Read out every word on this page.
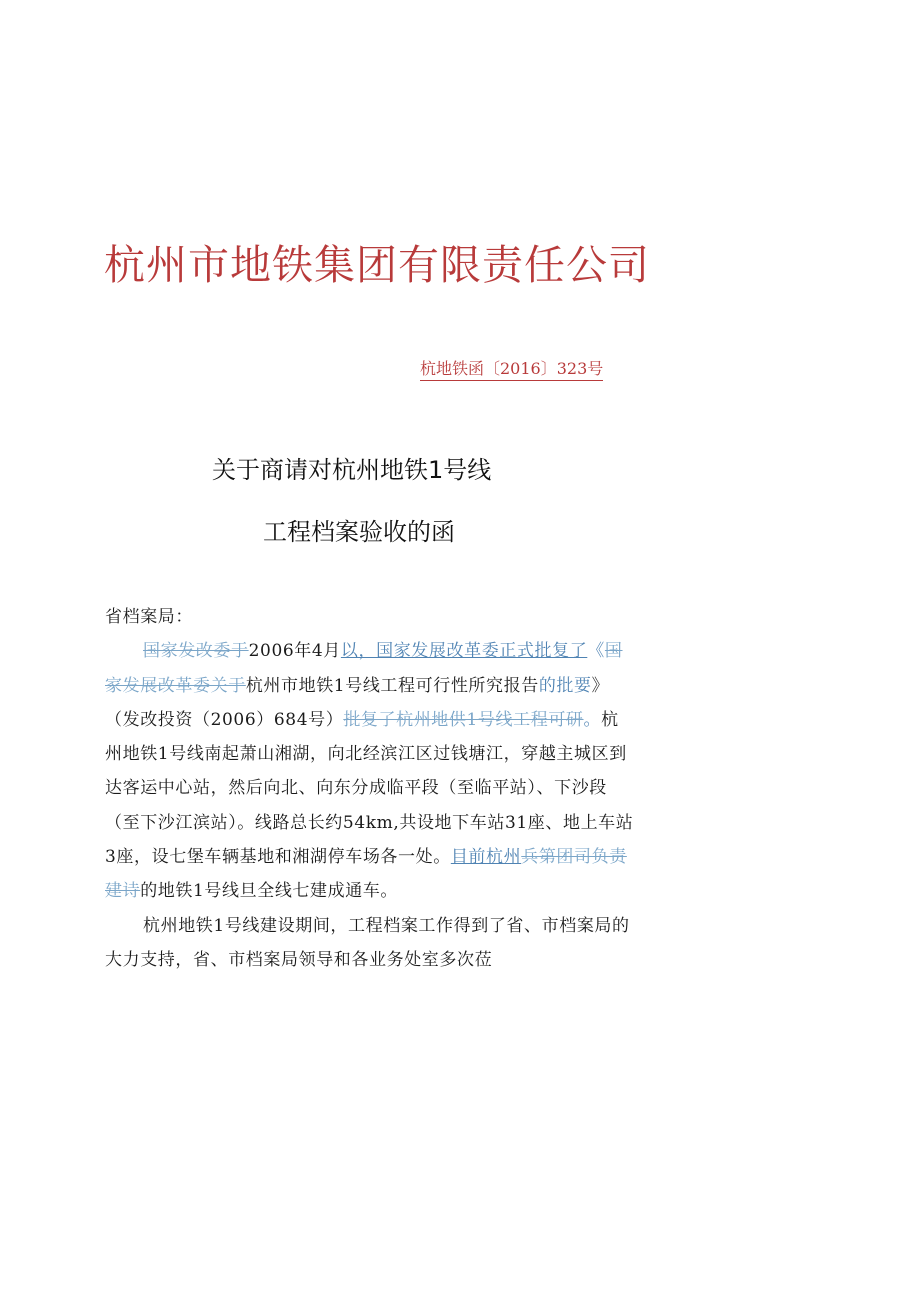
杭州市地铁集团有限责任公司
杭地铁函〔2016〕323号
关于商请对杭州地铁1号线
工程档案验收的函
省档案局：
国家发改委于2006年4月以，国家发展改革委正式批复了《国家发展改革委关于杭州市地铁1号线工程可行性所究报告的批要》（发改投资（2006）684号）批复了杭州地供1号线工程可研。杭州地铁1号线南起萧山湘湖，向北经滨江区过钱塘江，穿越主城区到达客运中心站，然后向北、向东分成临平段（至临平站）、下沙段（至下沙江滨站）。线路总长约54km,共设地下车站31座、地上车站3座，设七堡车辆基地和湘湖停车场各一处。目前杭州兵第团司负责建诗的地铁1号线旦全线七建成通车。
杭州地铁1号线建设期间，工程档案工作得到了省、市档案局的大力支持，省、市档案局领导和各业务处室多次莅
